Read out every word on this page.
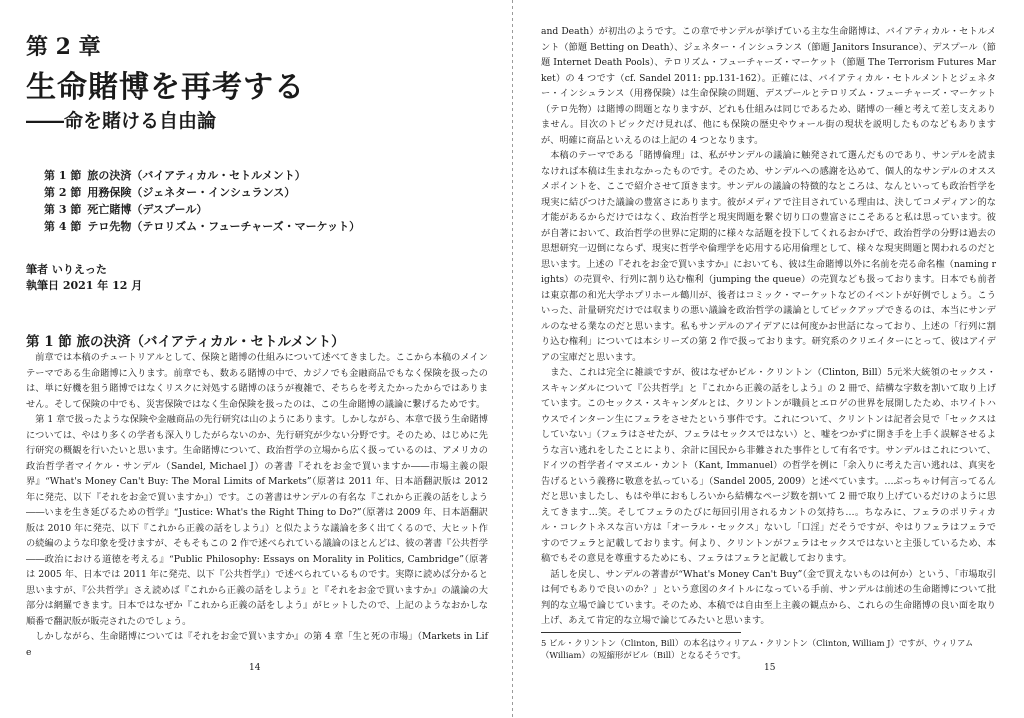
第 2 章
生命賭博を再考する
――命を賭ける自由論
第 1 節 旅の決済（バイアティカル・セトルメント）
第 2 節 用務保険（ジェネター・インシュランス）
第 3 節 死亡賭博（デスプール）
第 4 節 テロ先物（テロリズム・フューチャーズ・マーケット）
筆者 いりえった
執筆日 2021 年 12 月
第 1 節 旅の決済（バイアティカル・セトルメント）

前章では本稿のチュートリアルとして、保険と賭博の仕組みについて述べてきました。ここから本稿のメインテーマである生命賭博に入ります。前章でも、数ある賭博の中で、カジノでも金融商品でもなく保険を扱ったのは、単に好機を狙う賭博ではなくリスクに対処する賭博のほうが複雑で、そちらを考えたかったからではありません。そして保険の中でも、災害保険ではなく生命保険を扱ったのは、この生命賭博の議論に繋げるためです。

第 1 章で扱ったような保険や金融商品の先行研究は山のようにあります。しかしながら、本章で扱う生命賭博については、やはり多くの学者も深入りしたがらないのか、先行研究が少ない分野です。そのため、はじめに先行研究の概観を行いたいと思います。生命賭博について、政治哲学の立場から広く扱っているのは、アメリカの政治哲学者マイケル・サンデル（Sandel, Michael J）の著書『それをお金で買いますか――市場主義の限界』“What's Money Can't Buy: The Moral Limits of Markets”（原著は 2011 年、日本語翻訳版は 2012 年に発売、以下『それをお金で買いますか』）です。この著書はサンデルの有名な『これから正義の話をしよう――いまを生き延びるための哲学』“Justice: What's the Right Thing to Do?”（原著は 2009 年、日本語翻訳版は 2010 年に発売、以下『これから正義の話をしよう』）と似たような議論を多く出てくるので、大ヒット作の続編のような印象を受けますが、そもそもこの 2 作で述べられている議論のほとんどは、彼の著書『公共哲学――政治における道徳を考える』“Public Philosophy: Essays on Morality in Politics, Cambridge”（原著は 2005 年、日本では 2011 年に発売、以下『公共哲学』）で述べられているものです。実際に読めば分かると思いますが、『公共哲学』さえ読めば『これから正義の話をしよう』と『それをお金で買いますか』の議論の大部分は網羅できます。日本ではなぜか『これから正義の話をしよう』がヒットしたので、上記のようなおかしな順番で翻訳版が販売されたのでしょう。

しかしながら、生命賭博については『それをお金で買いますか』の第 4 章「生と死の市場」（Markets in Life

14

and Death）が初出のようです。この章でサンデルが挙げている主な生命賭博は、バイアティカル・セトルメント（節題 Betting on Death）、ジェネター・インシュランス（節題 Janitors Insurance）、デスプール（節題 Internet Death Pools）、テロリズム・フューチャーズ・マーケット（節題 The Terrorism Futures Market）の 4 つです（cf. Sandel 2011: pp.131-162）。正確には、バイアティカル・セトルメントとジェネター・インシュランス（用務保険）は生命保険の問題、デスプールとテロリズム・フューチャーズ・マーケット（テロ先物）は賭博の問題となりますが、どれも仕組みは同じであるため、賭博の一種と考えて差し支えありません。目次のトピックだけ見れば、他にも保険の歴史やウォール街の現状を説明したものなどもありますが、明確に商品といえるのは上記の 4 つとなります。

本稿のテーマである「賭博倫理」は、私がサンデルの議論に触発されて選んだものであり、サンデルを読まなければ本稿は生まれなかったものです。そのため、サンデルへの感謝を込めて、個人的なサンデルのオススメポイントを、ここで紹介させて頂きます。サンデルの議論の特徴的なところは、なんといっても政治哲学を現実に結びつけた議論の豊富さにあります。彼がメディアで注目されている理由は、決してコメディアン的な才能があるからだけではなく、政治哲学と現実問題を繋ぐ切り口の豊富さにこそあると私は思っています。彼が自著において、政治哲学の世界に定期的に様々な話題を投下してくれるおかげで、政治哲学の分野は過去の思想研究一辺倒にならず、現実に哲学や倫理学を応用する応用倫理として、様々な現実問題と関われるのだと思います。上述の『それをお金で買いますか』においても、彼は生命賭博以外に名前を売る命名権（naming rights）の売買や、行列に割り込む権利（jumping the queue）の売買なども扱っております。日本でも前者は東京都の和光大学ホプリホール鶴川が、後者はコミック・マーケットなどのイベントが好例でしょう。こういった、計量研究だけでは収まりの悪い議論を政治哲学の議論としてピックアップできるのは、本当にサンデルのなせる業なのだと思います。私もサンデルのアイデアには何度かお世話になっており、上述の「行列に割り込む権利」については本シリーズの第 2 作で扱っております。研究系のクリエイターにとって、彼はアイデアの宝庫だと思います。

また、これは完全に雑談ですが、彼はなぜかビル・クリントン（Clinton, Bill）5元米大統領のセックス・スキャンダルについて『公共哲学』と『これから正義の話をしよう』の 2 冊で、結構な字数を割いて取り上げています。このセックス・スキャンダルとは、クリントンが職員とエロゲの世界を展開したため、ホワイトハウスでインターン生にフェラをさせたという事件です。これについて、クリントンは記者会見で「セックスはしていない」（フェラはさせたが、フェラはセックスではない）と、嘘をつかずに開き手を上手く誤解させるような言い逃れをしたことにより、余計に国民から非難された事件として有名です。サンデルはこれについて、ドイツの哲学者イマヌエル・カント（Kant, Immanuel）の哲学を例に「余入りに考えた言い逃れは、真実を告げるという義務に敬意を払っている」（Sandel 2005, 2009）と述べています。…ぶっちゃけ何言ってるんだと思いましたし、もはや単におもしろいから結構なページ数を割いて 2 冊で取り上げているだけのように思えてきます…笑。そしてフェラのたびに毎回引用されるカントの気持ち…。ちなみに、フェラのポリティカル・コレクトネスな言い方は「オーラル・セックス」ないし「口淫」だそうですが、やはりフェラはフェラですのでフェラと記載しております。何より、クリントンがフェラはセックスではないと主張しているため、本稿でもその意見を尊重するためにも、フェラはフェラと記載しております。

話しを戻し、サンデルの著書が“What's Money Can't Buy”（金で買えないものは何か）という、「市場取引は何でもありで良いのか？」という意図のタイトルになっている手前、サンデルは前述の生命賭博について批判的な立場で論じています。そのため、本稿では自由至上主義の観点から、これらの生命賭博の良い面を取り上げ、あえて肯定的な立場で論じてみたいと思います。

5 ビル・クリントン（Clinton, Bill）の本名はウィリアム・クリントン（Clinton, William J）ですが、ウィリアム（William）の短縮形がビル（Bill）となるそうです。
15
